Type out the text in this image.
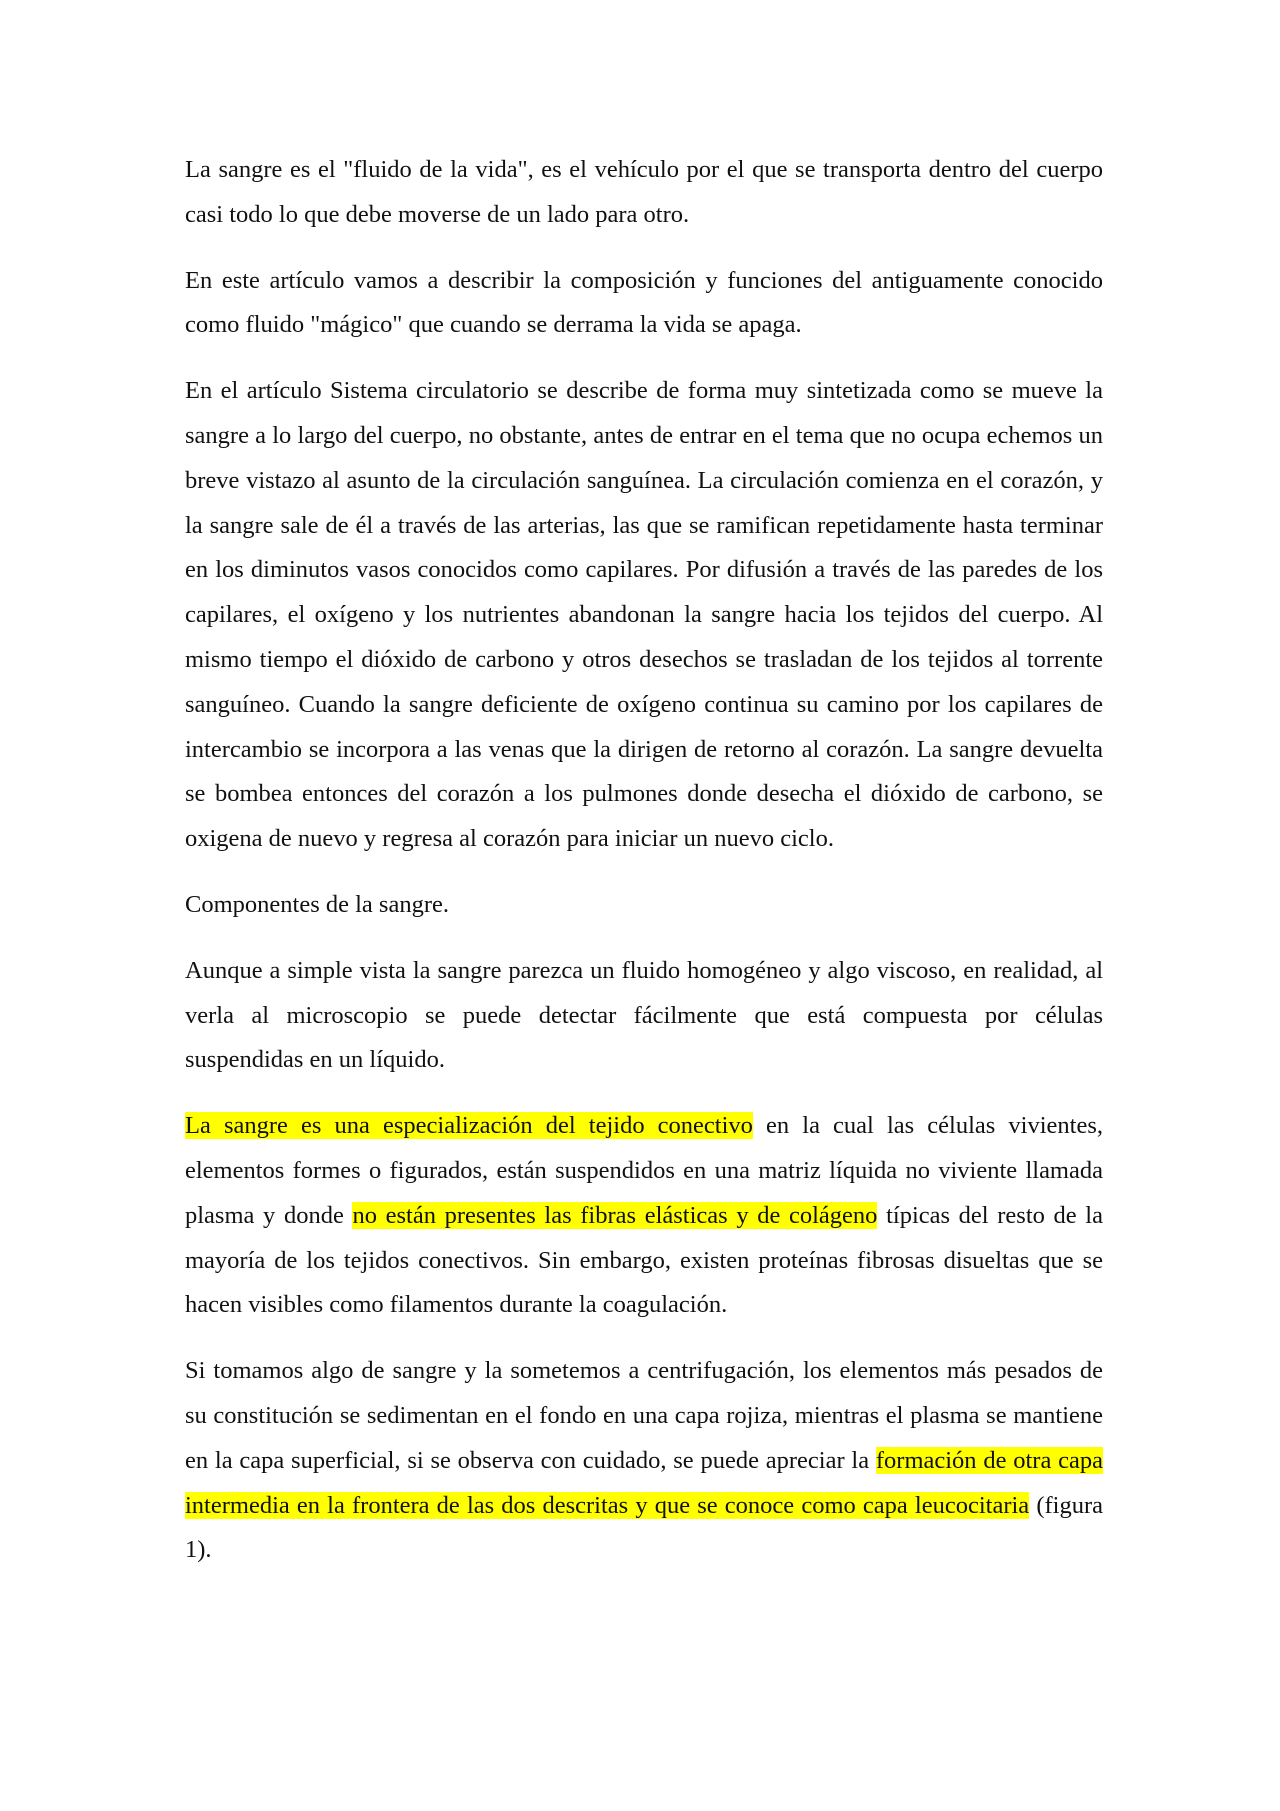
La sangre es el "fluido de la vida", es el vehículo por el que se transporta dentro del cuerpo casi todo lo que debe moverse de un lado para otro.

En este artículo vamos a describir la composición y funciones del antiguamente conocido como fluido "mágico" que cuando se derrama la vida se apaga.

En el artículo Sistema circulatorio se describe de forma muy sintetizada como se mueve la sangre a lo largo del cuerpo, no obstante, antes de entrar en el tema que no ocupa echemos un breve vistazo al asunto de la circulación sanguínea. La circulación comienza en el corazón, y la sangre sale de él a través de las arterias, las que se ramifican repetidamente hasta terminar en los diminutos vasos conocidos como capilares. Por difusión a través de las paredes de los capilares, el oxígeno y los nutrientes abandonan la sangre hacia los tejidos del cuerpo. Al mismo tiempo el dióxido de carbono y otros desechos se trasladan de los tejidos al torrente sanguíneo. Cuando la sangre deficiente de oxígeno continua su camino por los capilares de intercambio se incorpora a las venas que la dirigen de retorno al corazón. La sangre devuelta se bombea entonces del corazón a los pulmones donde desecha el dióxido de carbono, se oxigena de nuevo y regresa al corazón para iniciar un nuevo ciclo.

Componentes de la sangre.

Aunque a simple vista la sangre parezca un fluido homogéneo y algo viscoso, en realidad, al verla al microscopio se puede detectar fácilmente que está compuesta por células suspendidas en un líquido.

La sangre es una especialización del tejido conectivo en la cual las células vivientes, elementos formes o figurados, están suspendidos en una matriz líquida no viviente llamada plasma y donde no están presentes las fibras elásticas y de colágeno típicas del resto de la mayoría de los tejidos conectivos. Sin embargo, existen proteínas fibrosas disueltas que se hacen visibles como filamentos durante la coagulación.

Si tomamos algo de sangre y la sometemos a centrifugación, los elementos más pesados de su constitución se sedimentan en el fondo en una capa rojiza, mientras el plasma se mantiene en la capa superficial, si se observa con cuidado, se puede apreciar la formación de otra capa intermedia en la frontera de las dos descritas y que se conoce como capa leucocitaria (figura 1).
